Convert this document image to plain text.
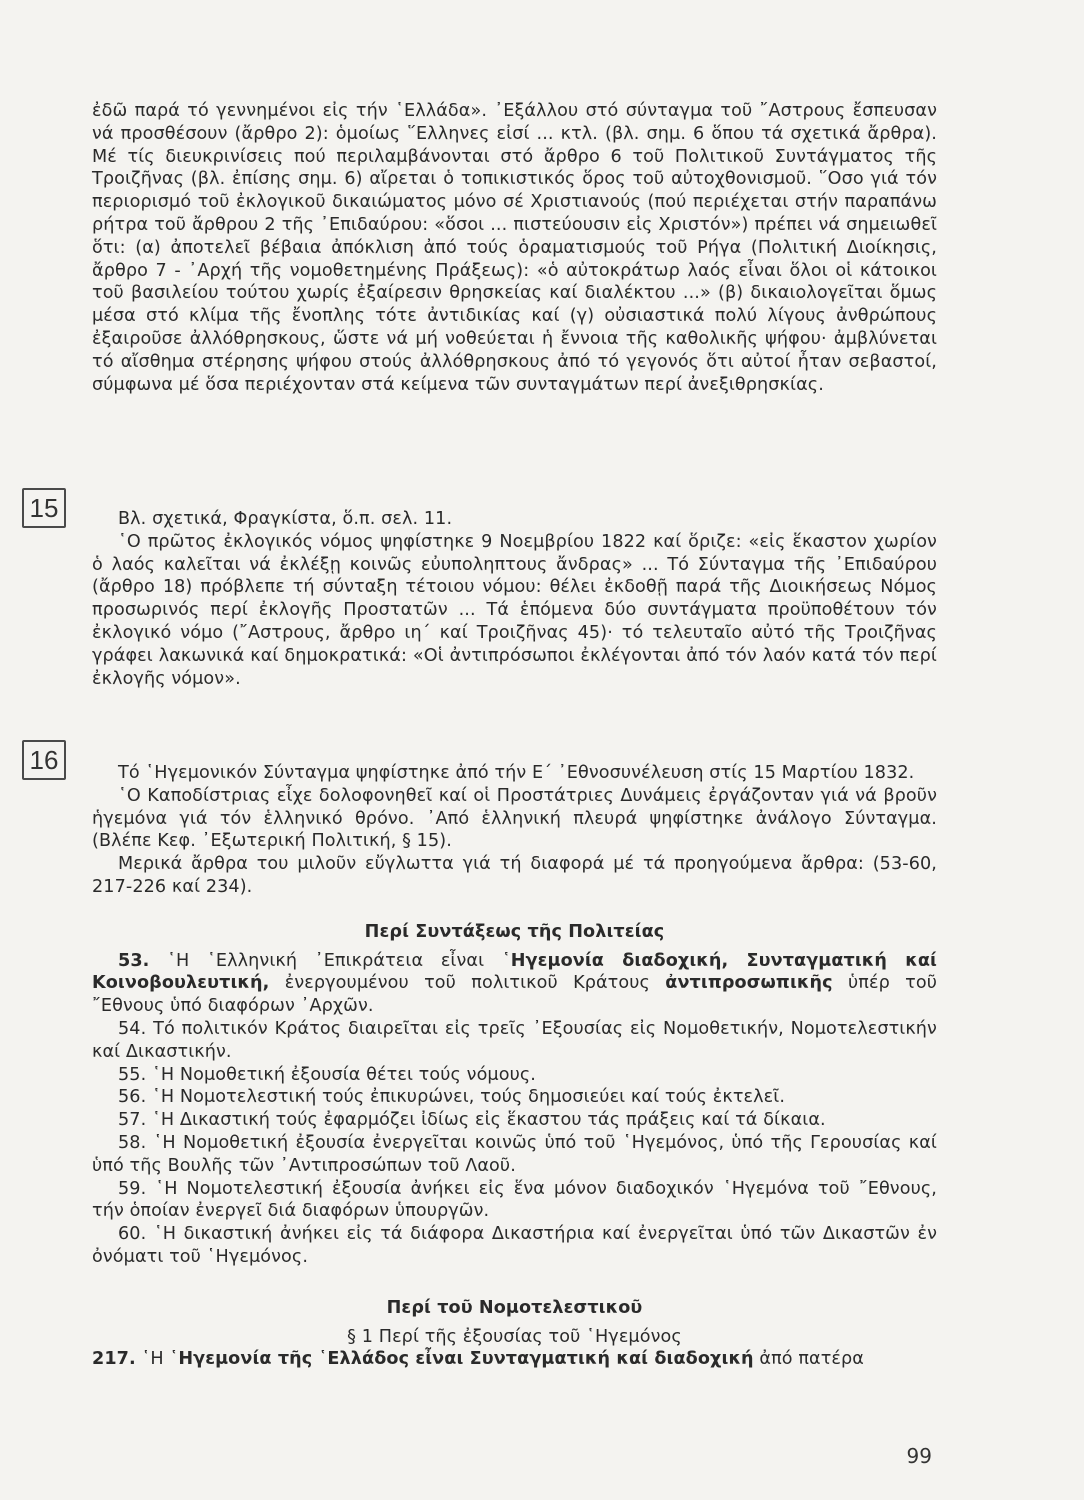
ἐδῶ παρά τό γεννημένοι εἰς τήν ῾Ελλάδα». ᾿Εξάλλου στό σύνταγμα τοῦ ῎Αστρους ἔσπευσαν νά προσθέσουν (ἄρθρο 2): ὁμοίως ῞Ελληνες εἰσί ... κτλ. (βλ. σημ. 6 ὅπου τά σχετικά ἄρθρα). Μέ τίς διευκρινίσεις πού περιλαμβάνονται στό ἄρθρο 6 τοῦ Πολιτικοῦ Συντάγματος τῆς Τροιζῆνας (βλ. ἐπίσης σημ. 6) αἴρεται ὁ τοπικιστικός ὅρος τοῦ αὐτοχθονισμοῦ. ῞Οσο γιά τόν περιορισμό τοῦ ἐκλογικοῦ δικαιώματος μόνο σέ Χριστιανούς (πού περιέχεται στήν παραπάνω ρήτρα τοῦ ἄρθρου 2 τῆς ᾿Επιδαύρου: «ὅσοι ... πιστεύουσιν εἰς Χριστόν») πρέπει νά σημειωθεῖ ὅτι: (α) ἀποτελεῖ βέβαια ἀπόκλιση ἀπό τούς ὁραματισμούς τοῦ Ρήγα (Πολιτική Διοίκησις, ἄρθρο 7 - ᾿Αρχή τῆς νομοθετημένης Πράξεως): «ὁ αὐτοκράτωρ λαός εἶναι ὅλοι οἱ κάτοικοι τοῦ βασιλείου τούτου χωρίς ἐξαίρεσιν θρησκείας καί διαλέκτου ...» (β) δικαιολογεῖται ὅμως μέσα στό κλίμα τῆς ἔνοπλης τότε ἀντιδικίας καί (γ) οὐσιαστικά πολύ λίγους ἀνθρώπους ἐξαιροῦσε ἀλλόθρησκους, ὥστε νά μή νοθεύεται ἡ ἔννοια τῆς καθολικῆς ψήφου· ἀμβλύνεται τό αἴσθημα στέρησης ψήφου στούς ἀλλόθρησκους ἀπό τό γεγονός ὅτι αὐτοί ἦταν σεβαστοί, σύμφωνα μέ ὅσα περιέχονταν στά κείμενα τῶν συνταγμάτων περί ἀνεξιθρησκίας.

15	Βλ. σχετικά, Φραγκίστα, ὅ.π. σελ. 11.

῾Ο πρῶτος ἐκλογικός νόμος ψηφίστηκε 9 Νοεμβρίου 1822 καί ὅριζε: «εἰς ἕκαστον χωρίον ὁ λαός καλεῖται νά ἐκλέξῃ κοινῶς εὐυποληπτους ἄνδρας» ... Τό Σύνταγμα τῆς ᾿Επιδαύρου (ἄρθρο 18) πρόβλεπε τή σύνταξη τέτοιου νόμου: θέλει ἐκδοθῇ παρά τῆς Διοικήσεως Νόμος προσωρινός περί ἐκλογῆς Προστατῶν ... Τά ἑπόμενα δύο συντάγματα προϋποθέτουν τόν ἐκλογικό νόμο (῎Αστρους, ἄρθρο ιη´ καί Τροιζῆνας 45)· τό τελευταῖο αὐτό τῆς Τροιζῆνας γράφει λακωνικά καί δημοκρατικά: «Οἱ ἀντιπρόσωποι ἐκλέγονται ἀπό τόν λαόν κατά τόν περί ἐκλογῆς νόμον».

16	Τό ῾Ηγεμονικόν Σύνταγμα ψηφίστηκε ἀπό τήν Ε´ ᾿Εθνοσυνέλευση στίς 15 Μαρτίου 1832.

῾Ο Καποδίστριας εἶχε δολοφονηθεῖ καί οἱ Προστάτριες Δυνάμεις ἐργάζονταν γιά νά βροῦν ἡγεμόνα γιά τόν ἑλληνικό θρόνο. ᾿Από ἑλληνική πλευρά ψηφίστηκε ἀνάλογο Σύνταγμα. (Βλέπε Κεφ. ᾿Εξωτερική Πολιτική, § 15).

Μερικά ἄρθρα του μιλοῦν εὔγλωττα γιά τή διαφορά μέ τά προηγούμενα ἄρθρα: (53-60, 217-226 καί 234).

Περί Συντάξεως τῆς Πολιτείας

53. ῾Η ῾Ελληνική ᾿Επικράτεια εἶναι ῾Ηγεμονία διαδοχική, Συνταγματική καί Κοινοβουλευτική, ἐνεργουμένου τοῦ πολιτικοῦ Κράτους ἀντιπροσωπικῆς ὑπέρ τοῦ ῎Εθνους ὑπό διαφόρων ᾿Αρχῶν.

54. Τό πολιτικόν Κράτος διαιρεῖται εἰς τρεῖς ᾿Εξουσίας εἰς Νομοθετικήν, Νομοτελεστικήν καί Δικαστικήν.

55. ῾Η Νομοθετική ἐξουσία θέτει τούς νόμους.

56. ῾Η Νομοτελεστική τούς ἐπικυρώνει, τούς δημοσιεύει καί τούς ἐκτελεῖ.

57. ῾Η Δικαστική τούς ἐφαρμόζει ἰδίως εἰς ἕκαστου τάς πράξεις καί τά δίκαια.

58. ῾Η Νομοθετική ἐξουσία ἐνεργεῖται κοινῶς ὑπό τοῦ ῾Ηγεμόνος, ὑπό τῆς Γερουσίας καί ὑπό τῆς Βουλῆς τῶν ᾿Αντιπροσώπων τοῦ Λαοῦ.

59. ῾Η Νομοτελεστική ἐξουσία ἀνήκει εἰς ἕνα μόνον διαδοχικόν ῾Ηγεμόνα τοῦ ῎Εθνους, τήν ὁποίαν ἐνεργεῖ διά διαφόρων ὑπουργῶν.

60. ῾Η δικαστική ἀνήκει εἰς τά διάφορα Δικαστήρια καί ἐνεργεῖται ὑπό τῶν Δικαστῶν ἐν ὀνόματι τοῦ ῾Ηγεμόνος.

Περί τοῦ Νομοτελεστικοῦ

§ 1 Περί τῆς ἐξουσίας τοῦ ῾Ηγεμόνος

217. ῾Η ῾Ηγεμονία τῆς ῾Ελλάδος εἶναι Συνταγματική καί διαδοχική ἀπό πατέρα

99
